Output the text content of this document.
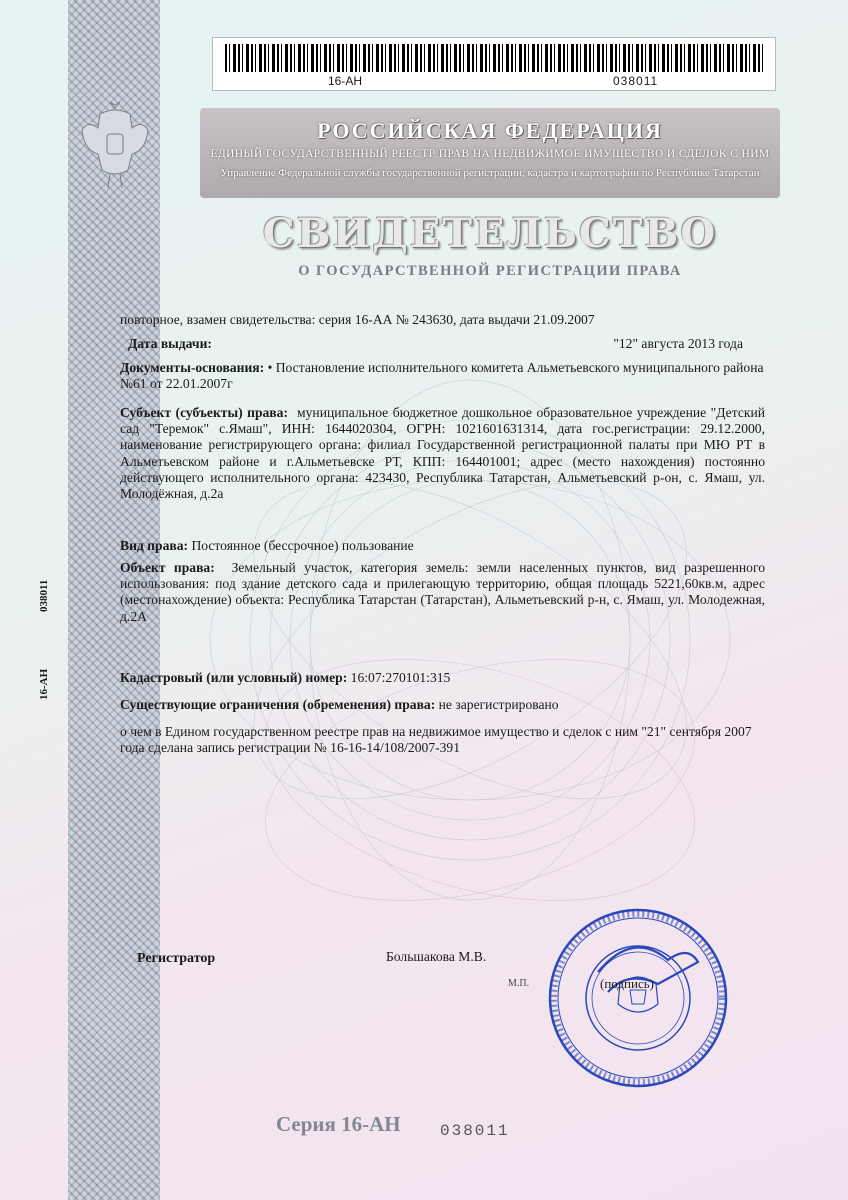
16-АН	038011
РОССИЙСКАЯ ФЕДЕРАЦИЯ
ЕДИНЫЙ ГОСУДАРСТВЕННЫЙ РЕЕСТР ПРАВ НА НЕДВИЖИМОЕ ИМУЩЕСТВО И СДЕЛОК С НИМ
Управление Федеральной службы государственной регистрации, кадастра и картографии по Республике Татарстан
СВИДЕТЕЛЬСТВО
О ГОСУДАРСТВЕННОЙ РЕГИСТРАЦИИ ПРАВА
повторное, взамен свидетельства: серия 16-АА № 243630, дата выдачи 21.09.2007
Дата выдачи:	"12" августа 2013 года
Документы-основания: • Постановление исполнительного комитета Альметьевского муниципального района №61 от 22.01.2007г
Субъект (субъекты) права: муниципальное бюджетное дошкольное образовательное учреждение "Детский сад "Теремок" с.Ямаш", ИНН: 1644020304, ОГРН: 1021601631314, дата гос.регистрации: 29.12.2000, наименование регистрирующего органа: филиал Государственной регистрационной палаты при МЮ РТ в Альметьевском районе и г.Альметьевске РТ, КПП: 164401001; адрес (место нахождения) постоянно действующего исполнительного органа: 423430, Республика Татарстан, Альметьевский р-он, с. Ямаш, ул. Молодёжная, д.2а
Вид права: Постоянное (бессрочное) пользование
Объект права: Земельный участок, категория земель: земли населенных пунктов, вид разрешенного использования: под здание детского сада и прилегающую территорию, общая площадь 5221,60кв.м, адрес (местонахождение) объекта: Республика Татарстан (Татарстан), Альметьевский р-н, с. Ямаш, ул. Молодежная, д.2А
Кадастровый (или условный) номер: 16:07:270101:315
Существующие ограничения (обременения) права: не зарегистрировано
о чем в Едином государственном реестре прав на недвижимое имущество и сделок с ним "21" сентября 2007 года сделана запись регистрации № 16-16-14/108/2007-391
16-АН
038011
Регистратор	Большакова М.В.
М.П.	(подпись)
Серия 16-АН 038011
